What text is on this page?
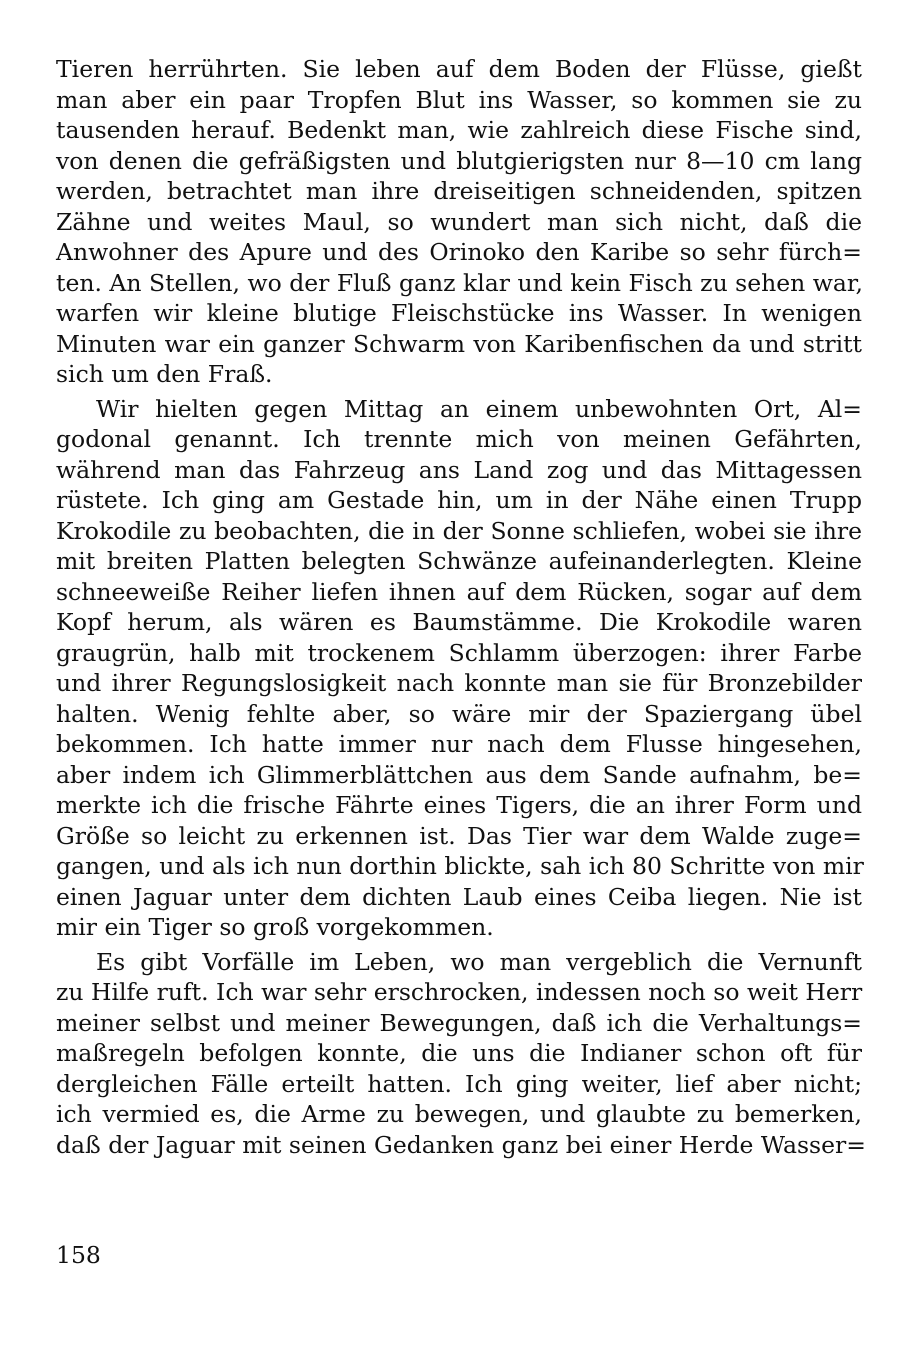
Tieren herrührten. Sie leben auf dem Boden der Flüsse, gießt
man aber ein paar Tropfen Blut ins Wasser, so kommen sie zu
tausenden herauf. Bedenkt man, wie zahlreich diese Fische sind,
von denen die gefräßigsten und blutgierigsten nur 8—10 cm lang
werden, betrachtet man ihre dreiseitigen schneidenden, spitzen
Zähne und weites Maul, so wundert man sich nicht, daß die
Anwohner des Apure und des Orinoko den Karibe so sehr fürch=
ten. An Stellen, wo der Fluß ganz klar und kein Fisch zu sehen war,
warfen wir kleine blutige Fleischstücke ins Wasser. In wenigen
Minuten war ein ganzer Schwarm von Karibenfischen da und stritt
sich um den Fraß.
Wir hielten gegen Mittag an einem unbewohnten Ort, Al=
godonal genannt. Ich trennte mich von meinen Gefährten,
während man das Fahrzeug ans Land zog und das Mittagessen
rüstete. Ich ging am Gestade hin, um in der Nähe einen Trupp
Krokodile zu beobachten, die in der Sonne schliefen, wobei sie ihre
mit breiten Platten belegten Schwänze aufeinanderlegten. Kleine
schneeweiße Reiher liefen ihnen auf dem Rücken, sogar auf dem
Kopf herum, als wären es Baumstämme. Die Krokodile waren
graugrün, halb mit trockenem Schlamm überzogen: ihrer Farbe
und ihrer Regungslosigkeit nach konnte man sie für Bronzebilder
halten. Wenig fehlte aber, so wäre mir der Spaziergang übel
bekommen. Ich hatte immer nur nach dem Flusse hingesehen,
aber indem ich Glimmerblättchen aus dem Sande aufnahm, be=
merkte ich die frische Fährte eines Tigers, die an ihrer Form und
Größe so leicht zu erkennen ist. Das Tier war dem Walde zuge=
gangen, und als ich nun dorthin blickte, sah ich 80 Schritte von mir
einen Jaguar unter dem dichten Laub eines Ceiba liegen. Nie ist
mir ein Tiger so groß vorgekommen.
Es gibt Vorfälle im Leben, wo man vergeblich die Vernunft
zu Hilfe ruft. Ich war sehr erschrocken, indessen noch so weit Herr
meiner selbst und meiner Bewegungen, daß ich die Verhaltungs=
maßregeln befolgen konnte, die uns die Indianer schon oft für
dergleichen Fälle erteilt hatten. Ich ging weiter, lief aber nicht;
ich vermied es, die Arme zu bewegen, und glaubte zu bemerken,
daß der Jaguar mit seinen Gedanken ganz bei einer Herde Wasser=
158
